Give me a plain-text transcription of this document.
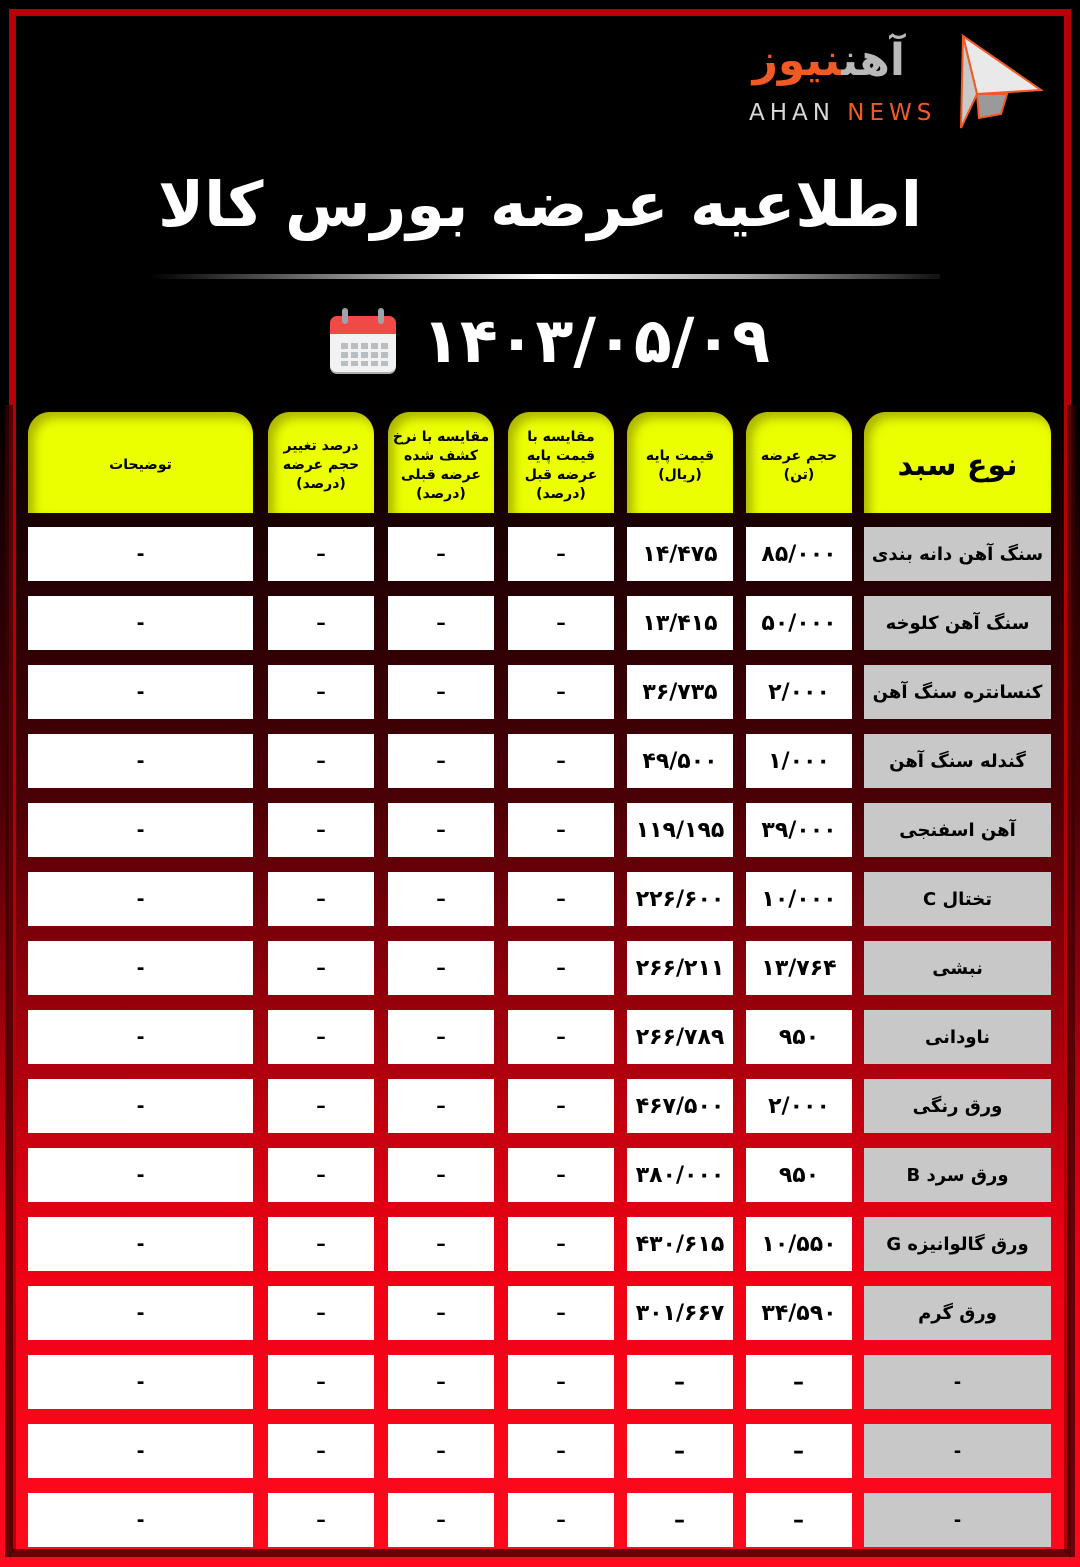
آهننیوز
AHAN NEWS
اطلاعیه عرضه بورس کالا
۱۴۰۳/۰۵/۰۹
نوع سبد
حجم عرضه (تن)
قیمت پایه (ریال)
مقایسه با قیمت پایه عرضه قبل (درصد)
مقایسه با نرخ کشف شده عرضه قبلی (درصد)
درصد تغییر حجم عرضه (درصد)
توضیحات
سنگ آهن دانه بندی
۸۵/۰۰۰
۱۴/۴۷۵
–
–
–
-
سنگ آهن کلوخه
۵۰/۰۰۰
۱۳/۴۱۵
–
–
–
-
کنسانتره سنگ آهن
۲/۰۰۰
۳۶/۷۳۵
–
–
–
-
گندله سنگ آهن
۱/۰۰۰
۴۹/۵۰۰
–
–
–
-
آهن اسفنجی
۳۹/۰۰۰
۱۱۹/۱۹۵
–
–
–
-
تختال C
۱۰/۰۰۰
۲۲۶/۶۰۰
–
–
–
-
نبشی
۱۳/۷۶۴
۲۶۶/۲۱۱
–
–
–
-
ناودانی
۹۵۰
۲۶۶/۷۸۹
–
–
–
-
ورق رنگی
۲/۰۰۰
۴۶۷/۵۰۰
–
–
–
-
ورق سرد B
۹۵۰
۳۸۰/۰۰۰
–
–
–
-
ورق گالوانیزه G
۱۰/۵۵۰
۴۳۰/۶۱۵
–
–
–
-
ورق گرم
۳۴/۵۹۰
۳۰۱/۶۶۷
–
–
–
-
-
–
–
–
–
–
-
-
–
–
–
–
–
-
-
–
–
–
–
–
-
